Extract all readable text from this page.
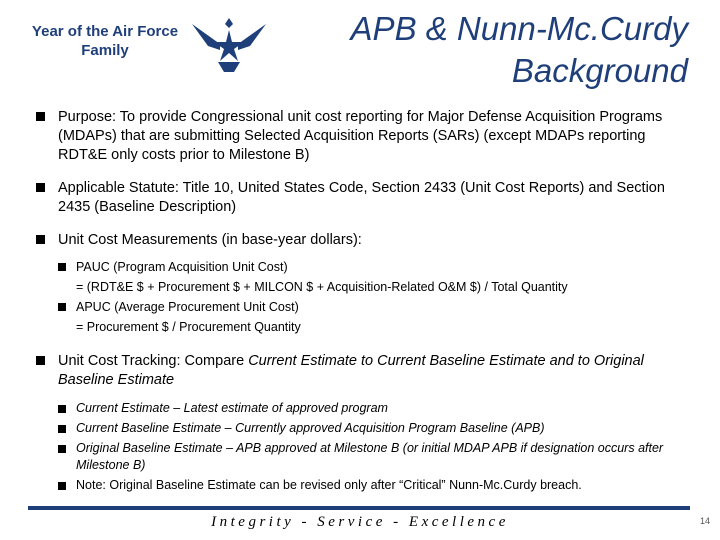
Year of the Air Force
Family
APB & Nunn-Mc.Curdy
Background
Purpose: To provide Congressional unit cost reporting for Major Defense Acquisition Programs (MDAPs) that are submitting Selected Acquisition Reports (SARs) (except MDAPs reporting RDT&E only costs prior to Milestone B)
Applicable Statute: Title 10, United States Code, Section 2433 (Unit Cost Reports) and Section 2435 (Baseline Description)
Unit Cost Measurements (in base-year dollars):
PAUC (Program Acquisition Unit Cost)
= (RDT&E $ + Procurement $ + MILCON $ + Acquisition-Related O&M $) / Total Quantity
APUC (Average Procurement Unit Cost)
= Procurement $ / Procurement Quantity
Unit Cost Tracking: Compare Current Estimate to Current Baseline Estimate and to Original Baseline Estimate
Current Estimate – Latest estimate of approved program
Current Baseline Estimate – Currently approved Acquisition Program Baseline (APB)
Original Baseline Estimate – APB approved at Milestone B (or initial MDAP APB if designation occurs after Milestone B)
Note: Original Baseline Estimate can be revised only after “Critical” Nunn-Mc.Curdy breach.
Integrity - Service - Excellence	14
